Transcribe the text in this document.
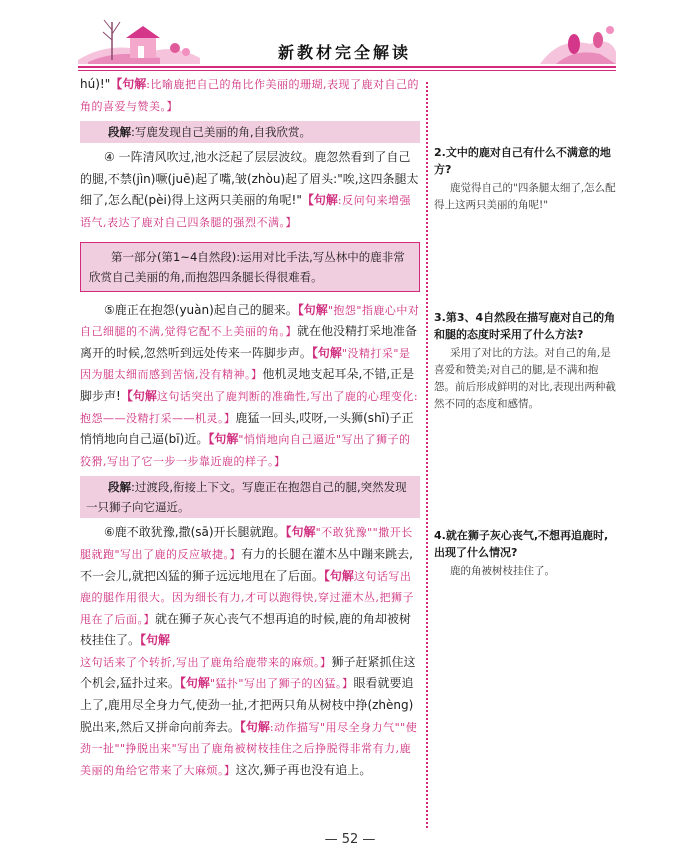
新教材完全解读

hú)!"【句解:比喻鹿把自己的角比作美丽的珊瑚,表现了鹿对自己的角的喜爱与赞美。】

段解:写鹿发现自己美丽的角,自我欣赏。

④ 一阵清风吹过,池水泛起了层层波纹。鹿忽然看到了自己的腿,不禁(jìn)噘(juē)起了嘴,皱(zhòu)起了眉头:"唉,这四条腿太细了,怎么配(pèi)得上这两只美丽的角呢!"【句解:反问句来增强语气,表达了鹿对自己四条腿的强烈不满。】

第一部分(第1~4自然段):运用对比手法,写丛林中的鹿非常欣赏自己美丽的角,而抱怨四条腿长得很难看。

⑤鹿正在抱怨(yuàn)起自己的腿来。【句解"抱怨"指鹿心中对自己细腿的不满,觉得它配不上美丽的角。】就在他没精打采地准备离开的时候,忽然听到远处传来一阵脚步声。【句解"没精打采"是因为腿太细而感到苦恼,没有精神。】他机灵地支起耳朵,不错,正是脚步声!【句解这句话突出了鹿判断的准确性,写出了鹿的心理变化:抱怨——没精打采——机灵。】鹿猛一回头,哎呀,一头狮(shī)子正悄悄地向自己逼(bī)近。【句解"悄悄地向自己逼近"写出了狮子的狡猾,写出了它一步一步靠近鹿的样子。】

段解:过渡段,衔接上下文。写鹿正在抱怨自己的腿,突然发现一只狮子向它逼近。

⑥鹿不敢犹豫,撒(sā)开长腿就跑。【句解"不敢犹豫""撒开长腿就跑"写出了鹿的反应敏捷。】有力的长腿在灌木丛中蹦来跳去,不一会儿,就把凶猛的狮子远远地甩在了后面。【句解这句话写出鹿的腿作用很大。因为细长有力,才可以跑得快,穿过灌木丛,把狮子甩在了后面。】就在狮子灰心丧气不想再追的时候,鹿的角却被树枝挂住了。【句解这句话来了个转折,写出了鹿角给鹿带来的麻烦。】狮子赶紧抓住这个机会,猛扑过来。【句解"猛扑"写出了狮子的凶猛。】眼看就要追上了,鹿用尽全身力气,使劲一扯,才把两只角从树枝中挣(zhèng)脱出来,然后又拼命向前奔去。【句解:动作描写"用尽全身力气""使劲一扯""挣脱出来"写出了鹿角被树枝挂住之后挣脱得非常有力,鹿美丽的角给它带来了大麻烦。】这次,狮子再也没有追上。

2.文中的鹿对自己有什么不满意的地方?
鹿觉得自己的"四条腿太细了,怎么配得上这两只美丽的角呢!"
3.第3、4自然段在描写鹿对自己的角和腿的态度时采用了什么方法?
采用了对比的方法。对自己的角,是喜爱和赞美;对自己的腿,是不满和抱怨。前后形成鲜明的对比,表现出两种截然不同的态度和感情。
4.就在狮子灰心丧气,不想再追鹿时,出现了什么情况?
鹿的角被树枝挂住了。
— 52 —
